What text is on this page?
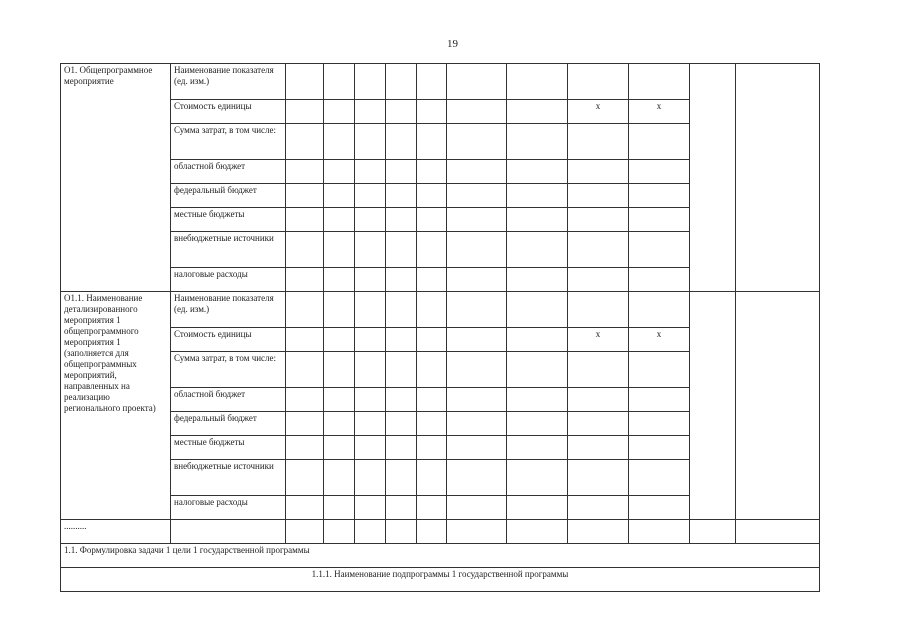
19
О1. Общепрограммное мероприятие	Наименование показателя (ед. изм.)											
	Стоимость единицы								х	х		
	Сумма затрат, в том числе:											
	областной бюджет											
	федеральный бюджет											
	местные бюджеты											
	внебюджетные источники											
	налоговые расходы											
О1.1. Наименование детализированного мероприятия 1 общепрограммного мероприятия 1 (заполняется для общепрограммных мероприятий, направленных на реализацию регионального проекта)	Наименование показателя (ед. изм.)											
	Стоимость единицы								х	х		
	Сумма затрат, в том числе:											
	областной бюджет											
	федеральный бюджет											
	местные бюджеты											
	внебюджетные источники											
	налоговые расходы											
..........												
1.1. Формулировка задачи 1 цели 1 государственной программы												
1.1.1. Наименование подпрограммы 1 государственной программы												
